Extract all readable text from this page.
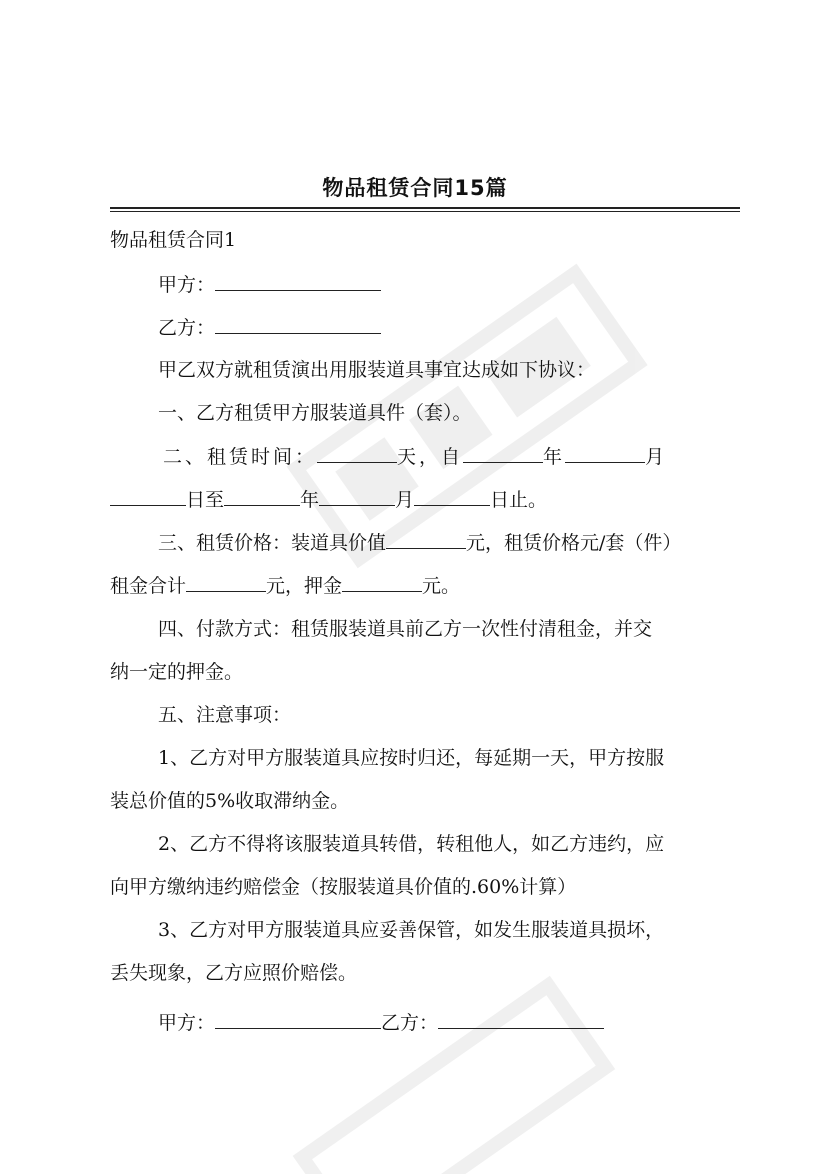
物品租赁合同15篇
物品租赁合同1
甲方：
乙方：
甲乙双方就租赁演出用服装道具事宜达成如下协议：
一、乙方租赁甲方服装道具件（套）。
二、租赁时间：	天，自	年	月
日至	年	月	日止。
三、租赁价格：装道具价值	元，租赁价格元/套（件）
租金合计	元，押金	元。
四、付款方式：租赁服装道具前乙方一次性付清租金，并交
纳一定的押金。
五、注意事项：
1、乙方对甲方服装道具应按时归还，每延期一天，甲方按服
装总价值的5%收取滞纳金。
2、乙方不得将该服装道具转借，转租他人，如乙方违约，应
向甲方缴纳违约赔偿金（按服装道具价值的.60%计算）
3、乙方对甲方服装道具应妥善保管，如发生服装道具损坏，
丢失现象，乙方应照价赔偿。
甲方：	乙方：
